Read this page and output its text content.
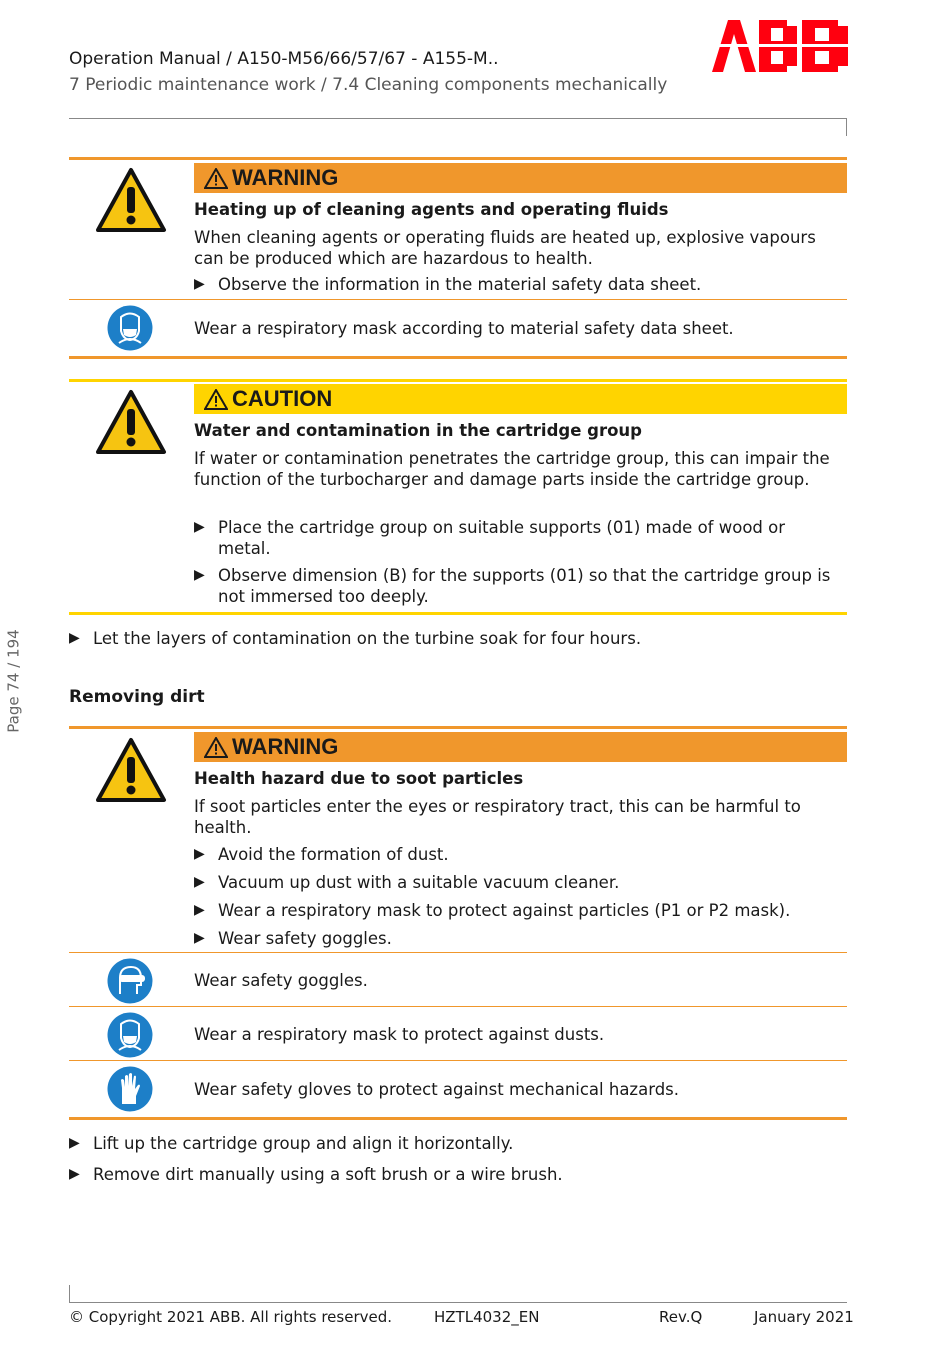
Operation Manual / A150-M56/66/57/67 - A155-M..
7 Periodic maintenance work / 7.4 Cleaning components mechanically
Page 74 / 194
WARNING
Heating up of cleaning agents and operating fluids
When cleaning agents or operating fluids are heated up, explosive vapours can be produced which are hazardous to health.
▶ Observe the information in the material safety data sheet.
Wear a respiratory mask according to material safety data sheet.
CAUTION
Water and contamination in the cartridge group
If water or contamination penetrates the cartridge group, this can impair the function of the turbocharger and damage parts inside the cartridge group.
▶ Place the cartridge group on suitable supports (01) made of wood or metal.
▶ Observe dimension (B) for the supports (01) so that the cartridge group is not immersed too deeply.
▶ Let the layers of contamination on the turbine soak for four hours.
Removing dirt
WARNING
Health hazard due to soot particles
If soot particles enter the eyes or respiratory tract, this can be harmful to health.
▶ Avoid the formation of dust.
▶ Vacuum up dust with a suitable vacuum cleaner.
▶ Wear a respiratory mask to protect against particles (P1 or P2 mask).
▶ Wear safety goggles.
Wear safety goggles.
Wear a respiratory mask to protect against dusts.
Wear safety gloves to protect against mechanical hazards.
▶ Lift up the cartridge group and align it horizontally.
▶ Remove dirt manually using a soft brush or a wire brush.
© Copyright 2021 ABB. All rights reserved.	HZTL4032_EN	Rev.Q	January 2021
